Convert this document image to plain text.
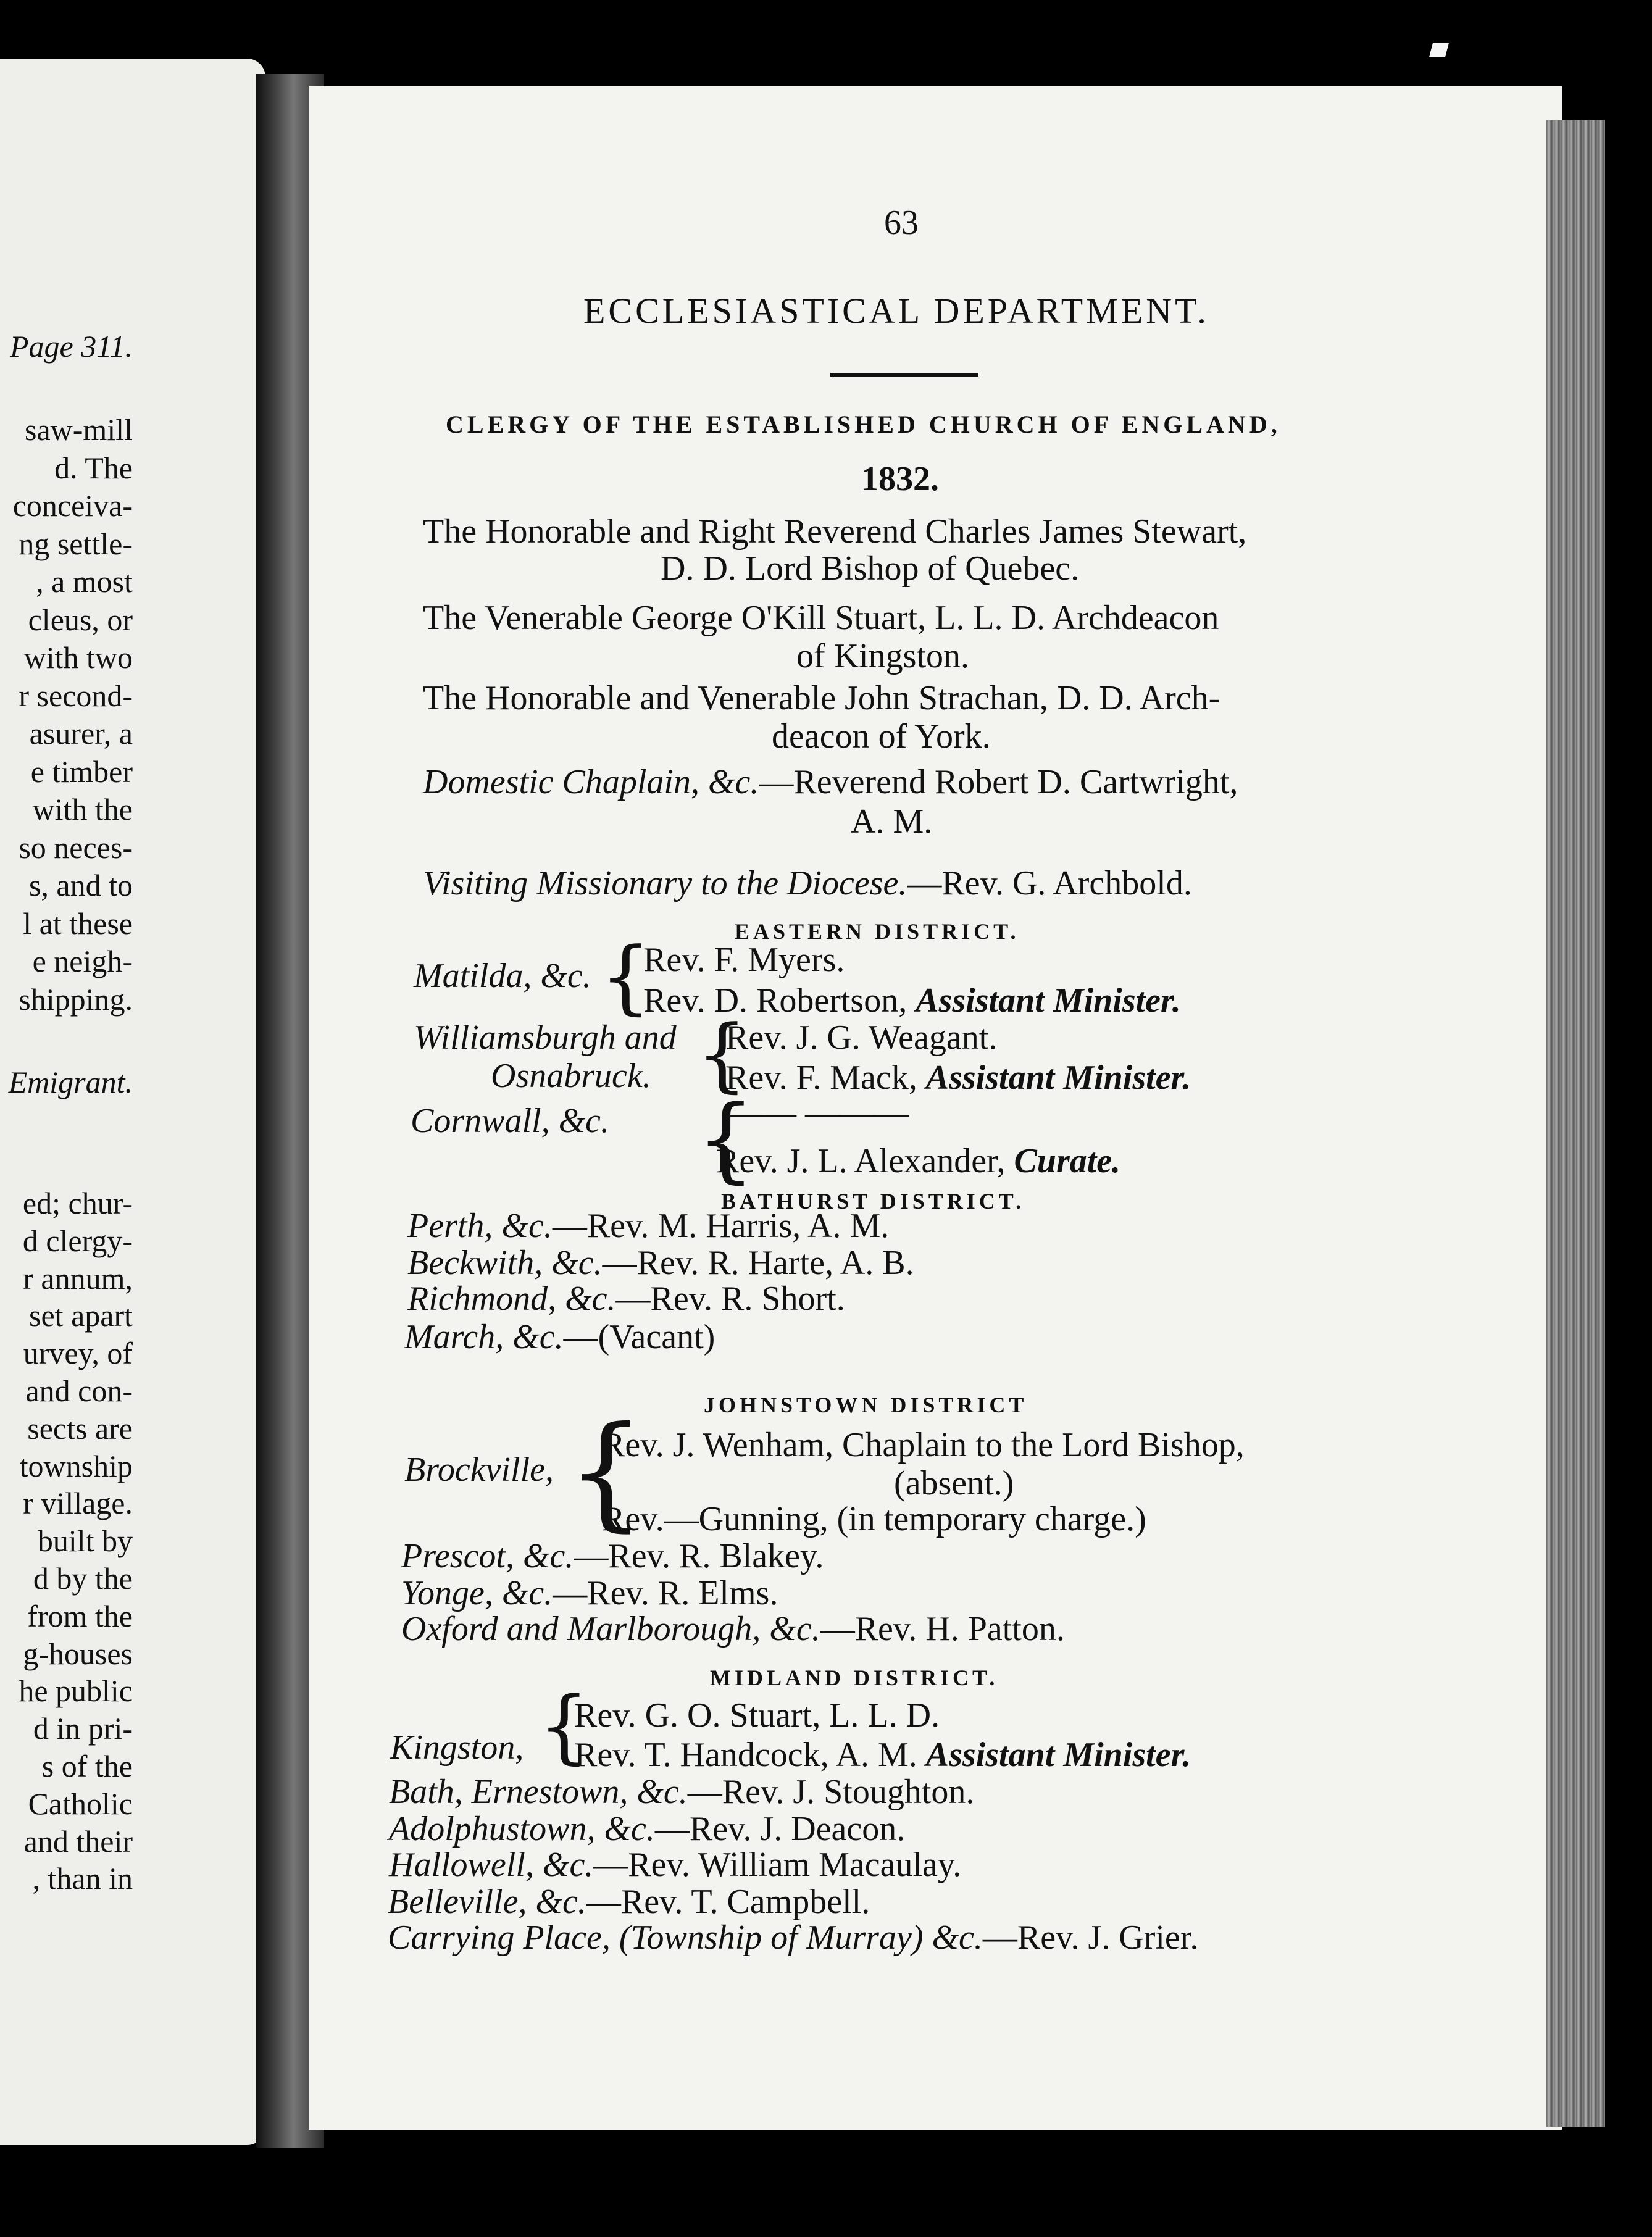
Page 311.
saw-mill
d. The
conceiva-
ng settle-
, a most
cleus, or
with two
r second-
asurer, a
e timber
with the
so neces-
s, and to
l at these
e neigh-
shipping.
Emigrant.
ed; chur-
d clergy-
r annum,
set apart
urvey, of
and con-
sects are
township
r village.
built by
d by the
from the
g-houses
he public
d in pri-
s of the
Catholic
and their
, than in
63
ECCLESIASTICAL DEPARTMENT.
CLERGY OF THE ESTABLISHED CHURCH OF ENGLAND,
1832.
The Honorable and Right Reverend Charles James Stewart,
D. D. Lord Bishop of Quebec.
The Venerable George O'Kill Stuart, L. L. D. Archdeacon
of Kingston.
The Honorable and Venerable John Strachan, D. D. Arch-
deacon of York.
Domestic Chaplain, &c.—Reverend Robert D. Cartwright,
A. M.
Visiting Missionary to the Diocese.—Rev. G. Archbold.
EASTERN DISTRICT.
Matilda, &c. {
Rev. F. Myers.
Rev. D. Robertson, Assistant Minister.
Williamsburgh and
Osnabruck. {
Rev. J. G. Weagant.
Rev. F. Mack, Assistant Minister.
Cornwall, &c. {
—— ———
Rev. J. L. Alexander, Curate.
BATHURST DISTRICT.
Perth, &c.—Rev. M. Harris, A. M.
Beckwith, &c.—Rev. R. Harte, A. B.
Richmond, &c.—Rev. R. Short.
March, &c.—(Vacant)
JOHNSTOWN DISTRICT
Brockville, {
Rev. J. Wenham, Chaplain to the Lord Bishop,
(absent.)
Rev.—Gunning, (in temporary charge.)
Prescot, &c.—Rev. R. Blakey.
Yonge, &c.—Rev. R. Elms.
Oxford and Marlborough, &c.—Rev. H. Patton.
MIDLAND DISTRICT.
Kingston, {
Rev. G. O. Stuart, L. L. D.
Rev. T. Handcock, A. M. Assistant Minister.
Bath, Ernestown, &c.—Rev. J. Stoughton.
Adolphustown, &c.—Rev. J. Deacon.
Hallowell, &c.—Rev. William Macaulay.
Belleville, &c.—Rev. T. Campbell.
Carrying Place, (Township of Murray) &c.—Rev. J. Grier.
